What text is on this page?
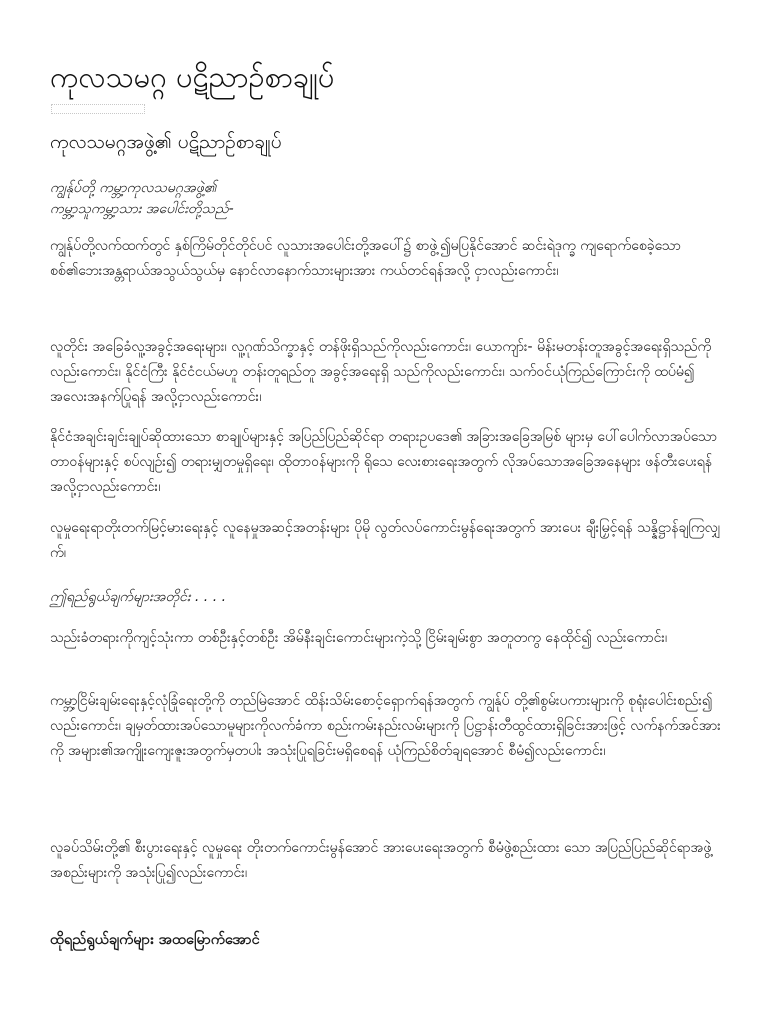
ကုလသမဂ္ဂ ပဋိညာဉ်စာချုပ်
ကုလသမဂ္ဂအဖွဲ့၏ ပဋိညာဉ်စာချုပ်

ကျွန်ုပ်တို့ ကမ္ဘာ့ကုလသမဂ္ဂအဖွဲ့၏
ကမ္ဘာ့သူကမ္ဘာ့သား အပေါင်းတို့သည်-

ကျွန်ုပ်တို့လက်ထက်တွင် နှစ်ကြိမ်တိုင်တိုင်ပင် လူသားအပေါင်းတို့အပေါ်၌ စာဖွဲ့၍မပြနိုင်အောင် ဆင်းရဲဒုက္ခ ကျရောက်စေခဲ့သော စစ်၏ဘေးအန္တရာယ်အသွယ်သွယ်မှ နောင်လာနောက်သားများအား ကယ်တင်ရန်အလို့ ငှာလည်းကောင်း၊

လူတိုင်း အခြေခံလူ့အခွင့်အရေးများ၊ လူ့ဂုဏ်သိက္ခာနှင့် တန်ဖိုးရှိသည်ကိုလည်းကောင်း၊ ယောကျာ်း- မိန်းမတန်းတူအခွင့်အရေးရှိသည်ကိုလည်းကောင်း၊ နိုင်ငံကြီး နိုင်ငံငယ်မဟူ တန်းတူရည်တူ အခွင့်အရေးရှိ သည်ကိုလည်းကောင်း၊ သက်ဝင်ယုံကြည်ကြောင်းကို ထပ်မံ၍ အလေးအနက်ပြုရန် အလို့ငှာလည်းကောင်း၊

နိုင်ငံအချင်းချင်းချုပ်ဆိုထားသော စာချုပ်များနှင့် အပြည်ပြည်ဆိုင်ရာ တရားဥပဒေ၏ အခြားအခြေအမြစ် များမှ ပေါ်ပေါက်လာအပ်သောတာဝန်များနှင့် စပ်လျဉ်း၍ တရားမျှတမှုရှိရေး၊ ထိုတာဝန်များကို ရိုသေ လေးစားရေးအတွက် လိုအပ်သောအခြေအနေများ ဖန်တီးပေးရန်အလို့ငှာလည်းကောင်း၊

လူမှုရေးရာတိုးတက်မြင့်မားရေးနှင့် လူနေမှုအဆင့်အတန်းများ ပိုမို လွတ်လပ်ကောင်းမွန်ရေးအတွက် အားပေး ချီးမြှင့်ရန် သန္နိဋ္ဌာန်ချကြလျှက်၊

ဤရည်ရွယ်ချက်များအတိုင်း . . . .

သည်းခံတရားကိုကျင့်သုံးကာ တစ်ဦးနှင့်တစ်ဦး အိမ်နီးချင်းကောင်းများကဲ့သို့ ငြိမ်းချမ်းစွာ အတူတကွ နေထိုင်၍ လည်းကောင်း၊

ကမ္ဘာ့ငြိမ်းချမ်းရေးနှင့်လုံခြုံရေးတို့ကို တည်မြဲအောင် ထိန်းသိမ်းစောင့်ရှောက်ရန်အတွက် ကျွန်ုပ် တို့၏စွမ်းပကားများကို စုရုံးပေါင်းစည်း၍ လည်းကောင်း၊ ချမှတ်ထားအပ်သောမူများကိုလက်ခံကာ စည်းကမ်းနည်းလမ်းများကို ပြဋ္ဌာန်းတီထွင်ထားရှိခြင်းအားဖြင့် လက်နက်အင်အားကို အများ၏အကျိုးကျေးဇူးအတွက်မှတပါး အသုံးပြုရခြင်းမရှိစေရန် ယုံကြည်စိတ်ချရအောင် စီမံ၍လည်းကောင်း၊

လူခပ်သိမ်းတို့၏ စီးပွားရေးနှင့် လူမှုရေး တိုးတက်ကောင်းမွန်အောင် အားပေးရေးအတွက် စီမံဖွဲ့စည်းထား သော အပြည်ပြည်ဆိုင်ရာအဖွဲ့အစည်းများကို အသုံးပြု၍လည်းကောင်း၊

ထိုရည်ရွယ်ချက်များ အထမြောက်အောင်
